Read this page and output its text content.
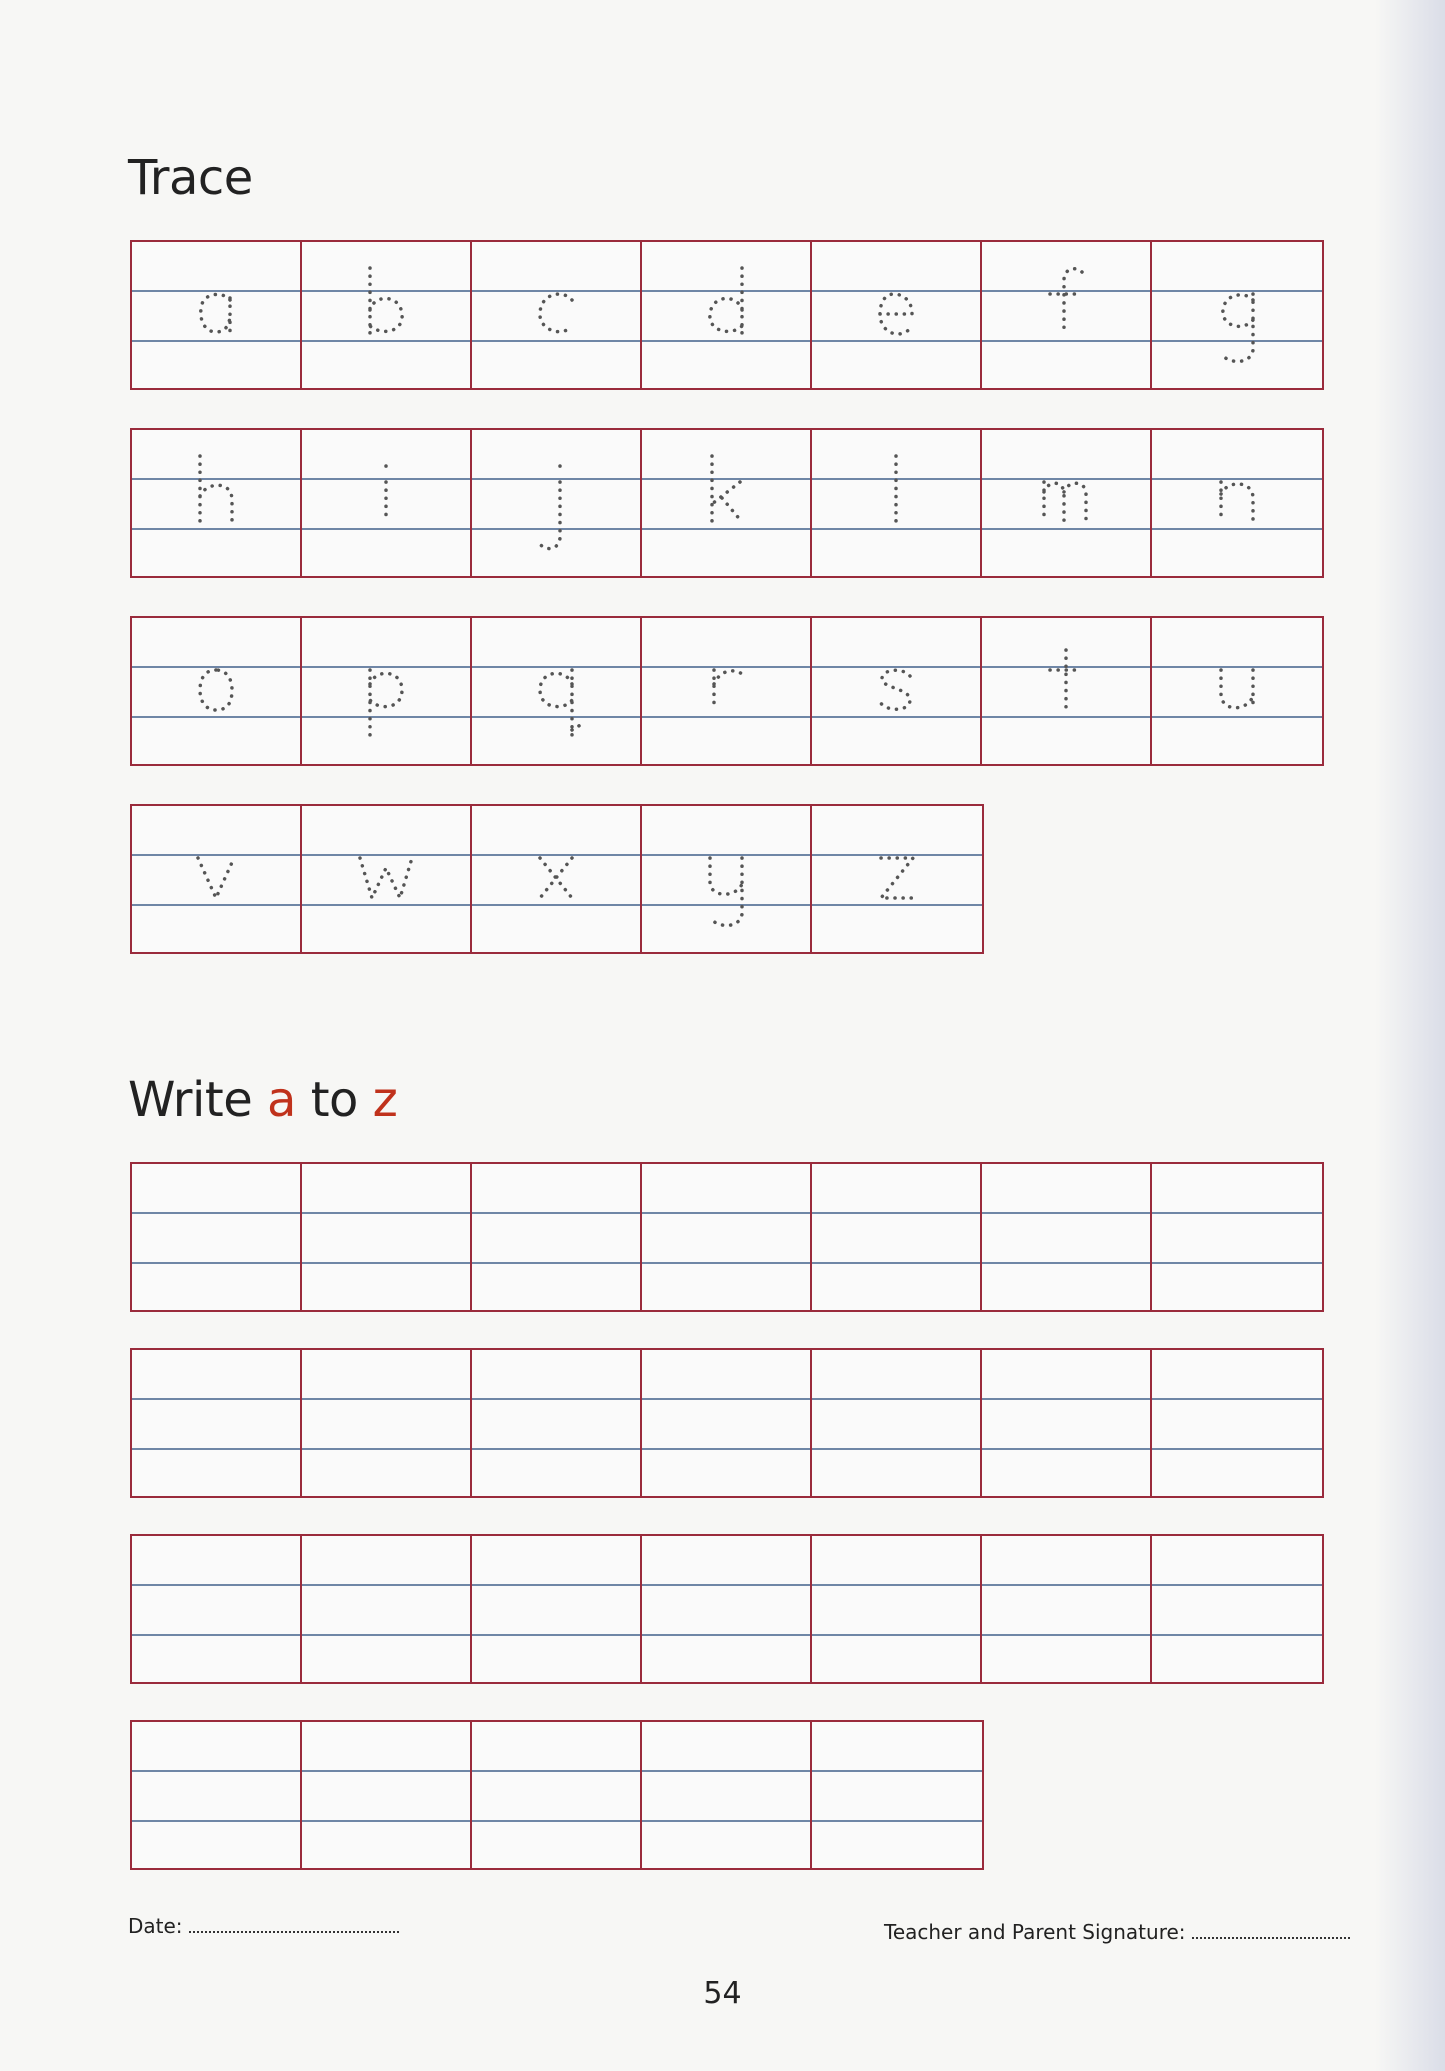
Trace
Write a to z
Date:	Teacher and Parent Signature:
54
